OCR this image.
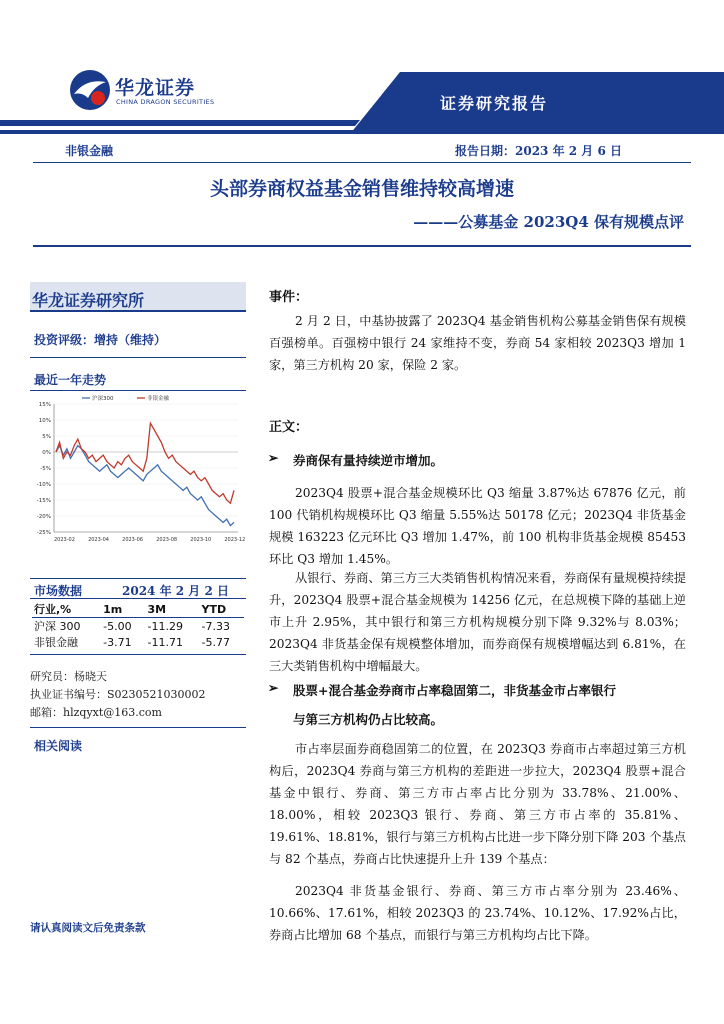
华龙证券
CHINA DRAGON SECURITIES	证券研究报告
非银金融	报告日期：2023 年 2 月 6 日
头部券商权益基金销售维持较高增速
———公募基金 2023Q4 保有规模点评
华龙证券研究所
投资评级：增持（维持）
最近一年走势
15%
10%
5%
0%
-5%
-10%
-15%
-20%
-25%
2023-02	2023-04	2023-06	2023-08	2023-10	2023-12
沪深300	非银金融
市场数据	2024 年 2 月 2 日
行业,%	1m	3M	YTD
沪深 300	-5.00	-11.29	-7.33
非银金融	-3.71	-11.71	-5.77
研究员：杨晓天
执业证书编号：S0230521030002
邮箱：hlzqyxt@163.com
相关阅读
请认真阅读文后免责条款
事件：
2 月 2 日，中基协披露了 2023Q4 基金销售机构公募基金销售保有规模百强榜单。百强榜中银行 24 家维持不变，券商 54 家相较 2023Q3 增加 1 家，第三方机构 20 家，保险 2 家。
正文：
➢ 券商保有量持续逆市增加。
2023Q4 股票+混合基金规模环比 Q3 缩量 3.87%达 67876 亿元，前 100 代销机构规模环比 Q3 缩量 5.55%达 50178 亿元；2023Q4 非货基金规模 163223 亿元环比 Q3 增加 1.47%，前 100 机构非货基金规模 85453 环比 Q3 增加 1.45%。
从银行、券商、第三方三大类销售机构情况来看，券商保有量规模持续提升，2023Q4 股票+混合基金规模为 14256 亿元，在总规模下降的基础上逆市上升 2.95%，其中银行和第三方机构规模分别下降 9.32%与 8.03%；2023Q4 非货基金保有规模整体增加，而券商保有规模增幅达到 6.81%，在三大类销售机构中增幅最大。
➢ 股票+混合基金券商市占率稳固第二，非货基金市占率银行
与第三方机构仍占比较高。
市占率层面券商稳固第二的位置，在 2023Q3 券商市占率超过第三方机构后，2023Q4 券商与第三方机构的差距进一步拉大，2023Q4 股票+混合基金中银行、券商、第三方市占率占比分别为 33.78%、21.00%、18.00%，相较 2023Q3 银行、券商、第三方市占率的 35.81%、19.61%、18.81%，银行与第三方机构占比进一步下降分别下降 203 个基点与 82 个基点，券商占比快速提升上升 139 个基点：
2023Q4 非货基金银行、券商、第三方市占率分别为 23.46%、10.66%、17.61%，相较 2023Q3 的 23.74%、10.12%、17.92%占比，券商占比增加 68 个基点，而银行与第三方机构均占比下降。
